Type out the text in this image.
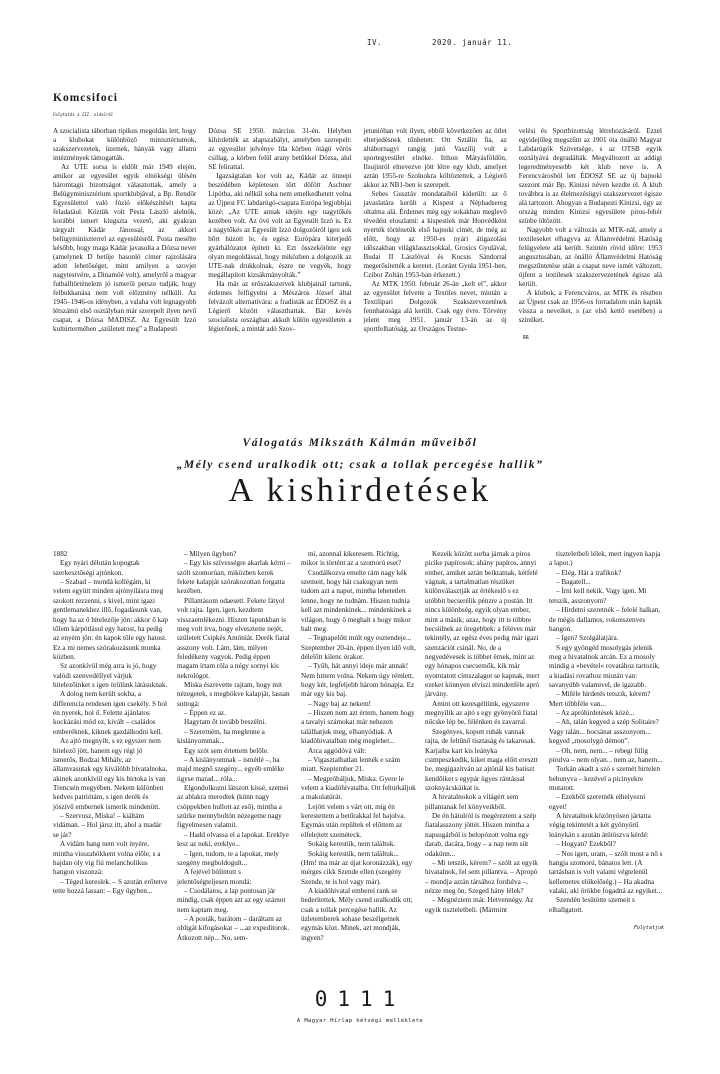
IV.	2020. január 11.
Komcsifoci
Folytatás a III. oldalról

A szocialista táborban tipikus megoldás lett, hogy a klubokat különböző minisztériumok, szakszervezetek, üzemek, bányák vagy állami intézmények támogatták.

Az UTE sorsa is eldőlt már 1949 elején, amikor az egyesület egyik elnökségi ülésén háromtagú bizottságot választottak, amely a Belügyminisztérium sportklubjával, a Bp. Rendőr Egyesülettel való fúzió előkészítését kapta feladatául. Köztük volt Pesta László alelnök, korábbi ismert kiugszta vezető, aki gyakran tárgyalt Kádár Jánossal, az akkori belügyminiszterrel az egyesülésről. Posta mesélte később, hogy maga Kádár javasolta a Dózsa nevet (amelynek D betűje hasonló címer rajzolására adott lehetőséget, mint amilyen a szovjet nagytestvére, a Dinamóé volt), amelyről a magyar futballtörténelem jó ismerői persze tudják, hogy felbukkanása nem volt előzmény nélküli. Az 1945–1946-os idényben, a valaha volt legnagyobb létszámú első osztályban már szerepelt ilyen nevű csapat, a Dózsa MADISZ. Az Egyesült Izzó kultúrtermében „született meg” a Budapesti

Dózsa SE 1950. március 31-én. Helyben kihirdették az alapszabályt, amelyben szerepelt: az egyesület jelvénye lila körben ötágú vörös csillag, a körben felül arany betűkkel Dózsa, alul SE felirattal.

Igazságtalan kor volt az, Kádár az ünnepi beszédében képletesen tört döfött Aschner Lipótba, aki nélkül soha nem emelkedhetett volna az Újpest FC labdarúgó-csapata Európa legjobbjai közé: „Az UTE annak idején egy nagytőkés kezében volt. Az övé volt az Egyesült Izzó is. Ez a nagytőkés az Egyesült Izzó dolgozóiról igen sok bőrt húzott le, és egész Európára kiterjedő gyárhálózatot épített ki. Ezt összekötötte egy olyan megoldással, hogy miközben a dolgozók az UTE-nak drukkolnak, észre ne vegyék, hogy megállapított kizsákmányolták.”

Ha már az erőszakszervek klubjainál tartunk, érdemes felfigyelni a Mészáros József által felvázolt alternatívára: a fradisták az ÉDOSZ és a Légierő között választhattak. Bár kevés szocialista országban akkult külön egyesületen a légierőnek, a mintát adó Szov-

jetunióban volt ilyen, ebből következően az ötlet elterjedésnek tűnhetett. Ott Sztálin fia, az altábornagyi rangig jutó Vaszilij volt a sportegyesület elnöke. Itthon Mátyásföldön, Ilsujinról elnevezve jött létre egy klub, amelyet aztán 1955-re Szolnokra költöztettek, a Légierő akkor az NB1-ben is szerepelt.

Sebes Gusztáv mondataiból kiderült: az ő javaslatára került a Kispest a Néphadsereg oltalma alá. Érdemes még egy sokakban meglevő tévedést eloszlatni: a kispestiek már Honvédként nyerték történetük első bajnoki címét, de még az előtt, hogy az 1950-es nyári átigazolási időszakban világklasszisokkal, Grosics Gyulával, Budai II Lászlóval és Kocsis Sándorral megerősítették a keretet. (Loránt Gyula 1951-ben, Czibor Zoltán 1953-ban érkezett.)

Az MTK 1950. február 26-án „kelt el”, akkor az egyesület felvette a Textiles nevet, miután a Textilipari Dolgozók Szakszervezetének fennhatósága alá került. Csak egy évre. Törvény jelent meg 1951. január 13-án az új sportfelhatóság, az Országos Testne-

velési és Sportbizottság létrehozásáról. Ezzel egyidejűleg megszűnt az 1901 óta önálló Magyar Labdarúgók Szövetsége, s az OTSB egyik osztályává degradálták. Megváltozott az addigi legeredményesebb két klub neve is. A Ferencvárosból lett ÉDOSZ SE az új bajnoki szezont már Bp. Kinizsi néven kezdte el. A klub továbbra is az élelmezésügyi szakszervezet égisze alá tartozott. Ahogyan a Budapesti Kinizsi, úgy az ország minden Kinizsi egyesülete piros-fehér színbe öltözött.

Nagyobb volt a változás az MTK-nál, amely a textileseket elhagyva az Államvédelmi Hatóság felügyelete alá került. Szintén rövid időre: 1953 augusztusában, az önálló Államvédelmi Hatóság megszűntetése után a csapat neve ismét változott, újfent a textilesek szakszervezetének égisze alá került.

A klubok, a Ferencváros, az MTK és részben az Újpest csak az 1956-os forradalom után kapták vissza a neveiket, s (az első kettő esetében) a színüket.

RR

Válogatás Mikszáth Kálmán műveiből
„Mély csend uralkodik ott; csak a tollak percegése hallik”
A kishirdetések

1882

Egy nyári délután kopogtak szerkesztőségi ajtónkon.

– Szabad – mondá kollégám, ki velem együtt minden ajtónyílásra meg szokott rezzenni, s kivel, mint igazi gentlemanekhez illő, fogadásunk van, hogy ha az ő hitelezője jön: akkor ő kap tőlem kárpótlásul egy hatost, ha pedig az enyém jön: én kapok tőle egy hatost. Ez a mi nemes szórakozásunk munka közben.

Sz azonkívül még arra is jó, hogy valódi szenvedéllyel várjuk hitelezőinket s igen örülünk látásuknak.

A dolog nem került sokba, a differencia rendesen igen csekély. S hol én nyerek, hol ő. Felette ajánlatos kockázási mód ez, kivált – családos emberéknek, kiknek gazdálkodni kell.

Az ajtó megnyílt, s ez egyszer nem hitelező jött, hanem egy régi jó ismerős, Bodzai Mihály, az államvasutak egy kiválóbb hivatalnoka, akinek azonkívül egy kis birtoka is van Trencsén megyében. Nekem különben kedves patriótám, s igen derék és jószívű embernek ismerik mindenütt.

– Szervusz, Miska! – kiáltám vidáman. – Hol jársz itt, ahol a madár se jár?

A vidám hang nem volt inyére, mintha visszahökkent volna előle, s a hajdan oly víg fiú melancholikus hangon viszonzá:

– Téged kereslek. – S azután erőtetve tette hozzá lassan: – Egy ügyben...

– Milyen ügyben?

– Egy kis szívességre akarlak kérni – szólt szomorúan, miközben kerek fekete kalapját szórakozottan forgatta kezében.

Pillantásom odaesett. Fekete fátyol volt rajta. Igen, igen, kezdtem visszaemlékezni. Hiszen lapunkban is meg volt írva, hogy elvesztette nejét, született Csipkés Antóniát. Derék fiatal asszony volt. Lám, lám, milyen feledékeny vagyok. Pedig éppen magam írtam róla a négy sornyi kis nekrológot.

Miska észrevette rajtam, hogy mit nézegetek, s megbökve kalapját, lassan suttogá:

– Éppen ez az.

Hagytam őt tovább beszélni.

– Szeretném, ha meglenne a kislányommak...

Egy szót sem értettem belőle.

– A kislányomnak – ismétlé –, ha majd megnő szegény... egyéb emléke úgyse marad... róla...

Elgondolkozni látszott kissé, szemei az ablakra meredtek (künn nagy csöppekben hullott az eső), mintha a szürke mennyboltón nézegetne nagy figyelmesen valamit.

– Hadd olvassa el a lapokat. Ereklye lesz az neki, ereklye...

– Igen, tudom, te a lapokat, mely szegény megboldogult...

A fejével bólintott s jelentőségteljesen mondá:

– Csodálatos, a lap pontosan jár mindig, csak éppen azt az egy számot nem kaptam meg.

– A posták, barátom – daráltam az obligát kifogásokat – ...az expeditorok. Átkozott nép... No, sem-

mi, azonnal kikeresem. Richtig, mikor is történt az a szomorú eset?

Csodálkozva emelte rám nagy kék szemeit, hogy hát csakugyan nem tudom azt a napot, mintha lehetetlen lenne, hogy ne tudnám. Hiszen tudnia kell azt mindenkinek... mindenkinek a világon, hogy ő meghalt s hogy mikor halt meg.

– Tegnapelőtt múlt egy esztendeje... Szeptember 20-án, éppen ilyen idő volt, délelőtt kilenc órakor.

– Tyűh, hát annyi ideje már annak! Nem hittem volna. Nekem úgy rémlett, hogy két, legfeljebb három hónapja. Ez már egy kis baj.

– Nagy baj az nekem!

– Hiszen nem azt értem, hanem hogy a tavalyi számokat már nehezen találhatjuk meg, elhanyódtak. A kiadóhivatalban még meglehet...

Arca aggódóvá vált:

– Vigasztalhatlan lennék e szám miatt. Szeptember 21.

– Megpróbáljuk, Miska. Gyere le velem a kiadóhivatalba. Ott felturkáljuk a makulatúrát.

Lejött velem s várt ott, míg én kerestettem a betűrakkal fel hajolva. Egymás után repültek el előttem az elfelejtett szeméteck.

Sokáig kerestük, nem találtuk.

Sokáig kerestük, nem találtuk... (Hm! ma már az újat koronázzák), egy mérges cikk Szende ellen (szegény Szende, te is hol vagy már).

A kiadóhivatal emberei rank se hederítettek. Mély csend uralkodik ott; csak a tollak percegése hallik. Az üzletemberek sohase beszélgetnek egymás közt. Minek, azt mondják, ingyen?

Kezeik között sorba járnak a piros picike papírosok; ahány papíros, annyi ember, amiket aztán beiktatnak, kétfelé vágnak, a tartalmatlan részüket különválasztják az értékeslő s ez utóbbit becserélik pénzre a postán. Itt nincs különbség, egyik olyan ember, mint a másik; azaz, hogy itt is többre becsülnek az öregebbek: a féléves már tekintély, az egész éves pedig már igazi szenzációt csinál. No, de a negyedévesek is többet érnek, mint az egy hónapos csecsemők, kik már nyomtatott címszalagot se kapnak, mert ezeket könnyen elviszi mindenféle apró járvány.

Amint ott keresgéltünk, egyszerre megnyílik az ajtó s egy gyönyörű fiatal nőcske lép be, félénken és zavarral.

Szegényes, kopott ruhák vannak rajta, de feltűnő tisztaság és takarosak. Karjaiba kart kis leányka csimpeszkedik, kiket maga előtt eresztt be, megigazítván az ajtónál kis batiszt kendőiket s egypár ügyes rántással szoknyácskáikat is.

A hivatalnokok a világért sem pillantanak fel könyveikből.

De én hátulról is megéreztem a szép fiatalasszony jöttét. Hiszen mintha a napsugárból is belopózott volna egy darab, dacára, hogy – a nap nem süt odakünn...

– Mi tetszik, kérem? – szólt az egyik hivatalnok, fel sem pillantva. – Apropó – mondja aztán társához fordulva –, nézze meg ön, Szeged hány lélek?

– Megnéztem már. Hetvennégy. Az egyik tiszteletbeli. (Mármint

tiszteletbeli lélek, mert ingyen kapja a lapot.)

– Elég. Hát a trafikok?

– Bagatell...

– Írni kell nekik. Vagy igen. Mi tetszik, asszonyom?

– Hirdetni szeretnék – felelé halkan, de mégis dallamos, rokonszenves hangon.

– Igen? Szolgálatjára.

S egy gyöngéd mosolygás jelenik meg a hivatalnok arcán. Ez a mosoly mindig a »bevétel« rovatához tartozik, a kiadási rovathoz miután van: savanyúbb valamivel, de igazabb.

– Miféle hirdetés tetszik, kérem? Mert többféle van...

– Az apróhirdetések közé...

– Ah, talán kegyed a szép Solitaire? Vagy talán... bocsánat asszonyom... kegyed „mosolygó démon”.

– Oh, nem, nem... – rebegi fülig pirulva – nem olyan... nem az, hanem...

Torkán akadt a szó s szemét hirtelen behunyva – kezével a picinyekre mutatott.

– Ezekből szeretnék elhelyezni egyet!

A hivatalnok közönyösen jártatta végig tekintetét a két gyönyörű leánykán s azután átütöszva kérdé:

– Hogyan? Ezekből?

– Nos igen, uram, – szólt most a nő s hangja szomorú, bánatos lett. (A tartásban is volt valami végtelenül kellemetes elökelőség.) – Ha akadna valaki, aki örökbe fogadná az egyiket...

Szendén lesütötte szemeit s elhallgatott.

Folytatjuk

0111
A Magyar Hírlap hétvégi melléklete
